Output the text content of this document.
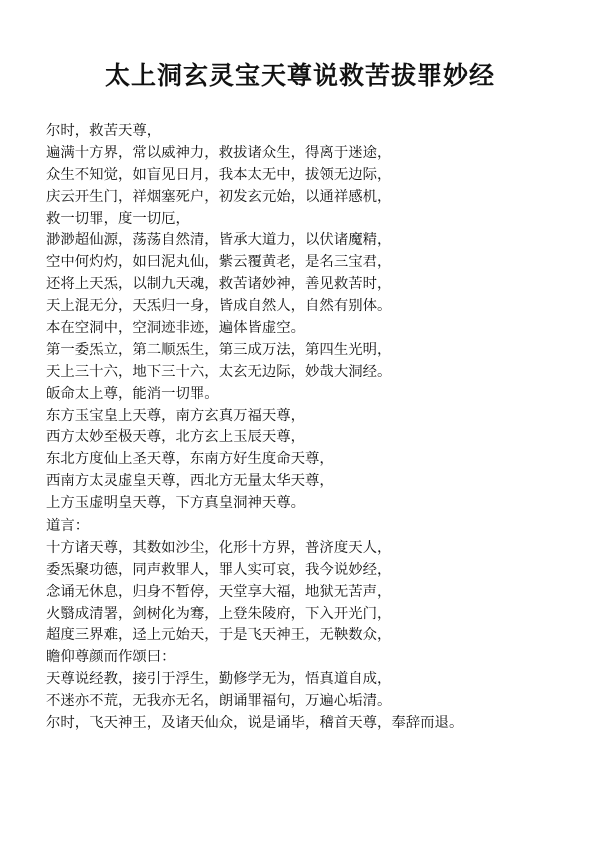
太上洞玄灵宝天尊说救苦拔罪妙经
尔时，救苦天尊，
遍满十方界，常以威神力，救拔诸众生，得离于迷途，
众生不知觉，如盲见日月，我本太无中，拔领无边际，
庆云开生门，祥烟塞死户，初发玄元始，以通祥感机，
救一切罪，度一切厄，
渺渺超仙源，荡荡自然清，皆承大道力，以伏诸魔精，
空中何灼灼，如曰泥丸仙，紫云覆黄老，是名三宝君，
还将上天炁，以制九天魂，救苦诸妙神，善见救苦时，
天上混无分，天炁归一身，皆成自然人，自然有别体。
本在空洞中，空洞迹非迹，遍体皆虚空。
第一委炁立，第二顺炁生，第三成万法，第四生光明，
天上三十六，地下三十六，太玄无边际，妙哉大洞经。
皈命太上尊，能消一切罪。
东方玉宝皇上天尊，南方玄真万福天尊，
西方太妙至极天尊，北方玄上玉辰天尊，
东北方度仙上圣天尊，东南方好生度命天尊，
西南方太灵虚皇天尊，西北方无量太华天尊，
上方玉虚明皇天尊，下方真皇洞神天尊。
道言：
十方诸天尊，其数如沙尘，化形十方界，普济度天人，
委炁聚功德，同声救罪人，罪人实可哀，我今说妙经，
念诵无休息，归身不暂停，天堂享大福，地狱无苦声，
火翳成清署，剑树化为骞，上登朱陵府，下入开光门，
超度三界难，迳上元始天，于是飞天神王，无鞅数众，
瞻仰尊颜而作颂曰：
天尊说经教，接引于浮生，勤修学无为，悟真道自成，
不迷亦不荒，无我亦无名，朗诵罪福句，万遍心垢清。
尔时，飞天神王，及诸天仙众，说是诵毕，稽首天尊，奉辞而退。
